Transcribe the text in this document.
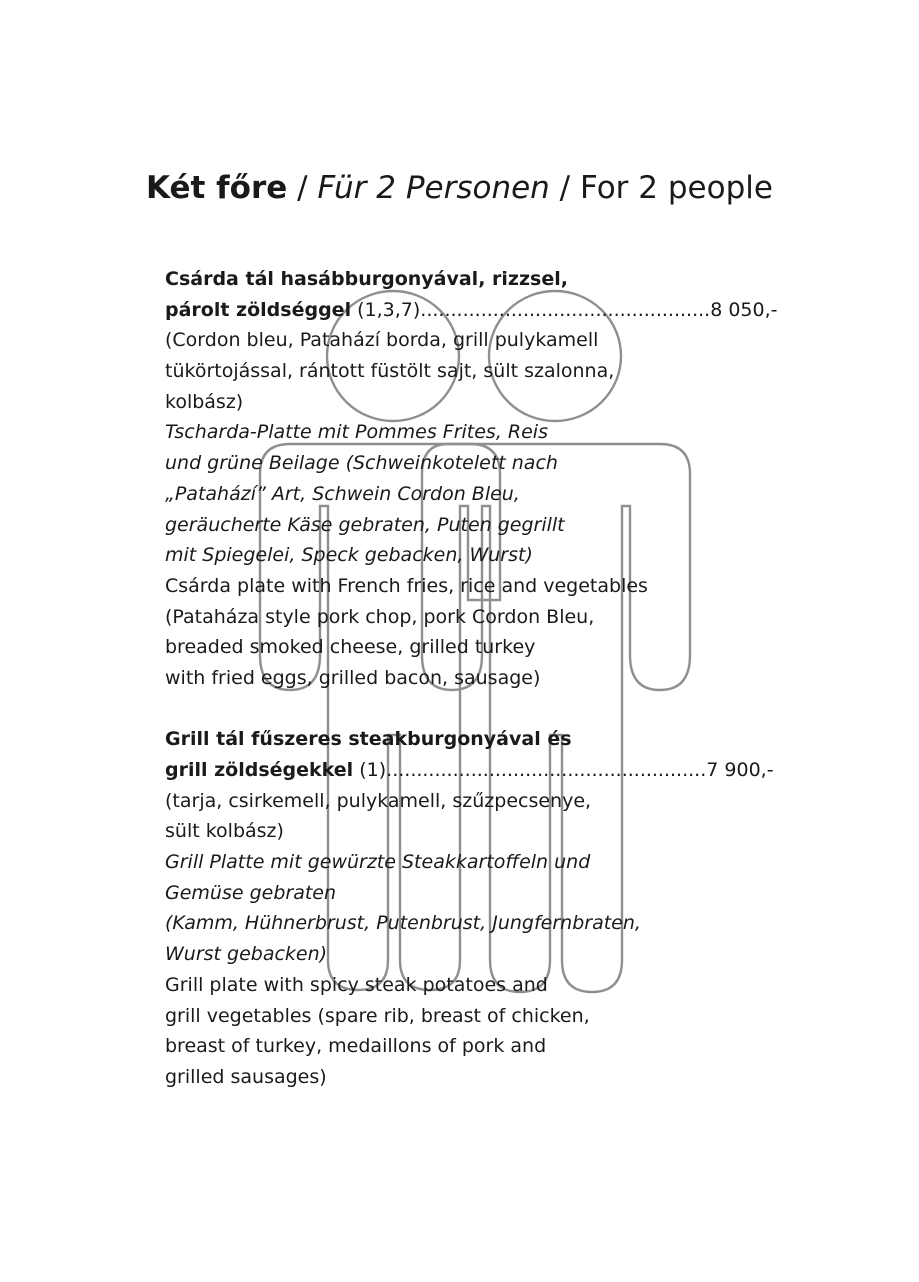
Két főre / Für 2 Personen / For 2 people
Csárda tál hasábburgonyával, rizzsel,
párolt zöldséggel (1,3,7)................................................8 050,-
(Cordon bleu, Patahází borda, grill pulykamell
tükörtojással, rántott füstölt sajt, sült szalonna,
kolbász)
Tscharda-Platte mit Pommes Frites, Reis
und grüne Beilage (Schweinkotelett nach
„Patahází” Art, Schwein Cordon Bleu,
geräucherte Käse gebraten, Puten gegrillt
mit Spiegelei, Speck gebacken, Wurst)
Csárda plate with French fries, rice and vegetables
(Pataháza style pork chop, pork Cordon Bleu,
breaded smoked cheese, grilled turkey
with fried eggs, grilled bacon, sausage)
Grill tál fűszeres steakburgonyával és
grill zöldségekkel (1).....................................................7 900,-
(tarja, csirkemell, pulykamell, szűzpecsenye,
sült kolbász)
Grill Platte mit gewürzte Steakkartoffeln und
Gemüse gebraten
(Kamm, Hühnerbrust, Putenbrust, Jungfernbraten,
Wurst gebacken)
Grill plate with spicy steak potatoes and
grill vegetables (spare rib, breast of chicken,
breast of turkey, medaillons of pork and
grilled sausages)
